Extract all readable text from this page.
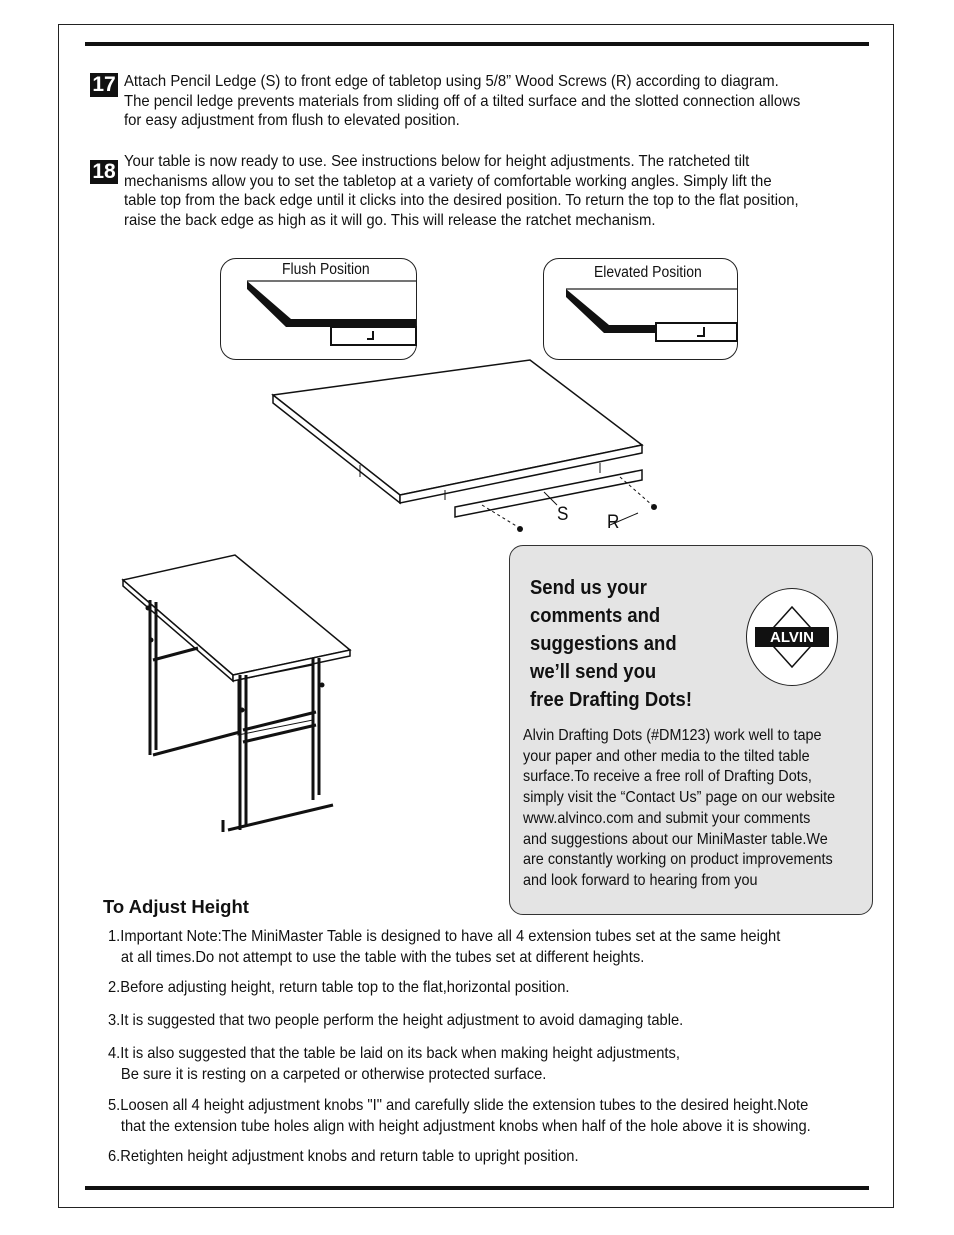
17 Attach Pencil Ledge (S) to front edge of tabletop using 5/8” Wood Screws (R) according to diagram.
The pencil ledge prevents materials from sliding off of a tilted surface and the slotted connection allows
for easy adjustment from flush to elevated position.
18 Your table is now ready to use. See instructions below for height adjustments. The ratcheted tilt
mechanisms allow you to set the tabletop at a variety of comfortable working angles. Simply lift the
table top from the back edge until it clicks into the desired position. To return the top to the flat position,
raise the back edge as high as it will go. This will release the ratchet mechanism.
Flush Position	Elevated Position
S R
Send us your
comments and
suggestions and
we’ll send you
free Drafting Dots!
ALVIN
Alvin Drafting Dots (#DM123) work well to tape
your paper and other media to the tilted table
surface.To receive a free roll of Drafting Dots,
simply visit the “Contact Us” page on our website
www.alvinco.com and submit your comments
and suggestions about our MiniMaster table.We
are constantly working on product improvements
and look forward to hearing from you
To Adjust Height
1.Important Note:The MiniMaster Table is designed to have all 4 extension tubes set at the same height
at all times.Do not attempt to use the table with the tubes set at different heights.
2.Before adjusting height, return table top to the flat,horizontal position.
3.It is suggested that two people perform the height adjustment to avoid damaging table.
4.It is also suggested that the table be laid on its back when making height adjustments,
Be sure it is resting on a carpeted or otherwise protected surface.
5.Loosen all 4 height adjustment knobs "I" and carefully slide the extension tubes to the desired height.Note
that the extension tube holes align with height adjustment knobs when half of the hole above it is showing.
6.Retighten height adjustment knobs and return table to upright position.
